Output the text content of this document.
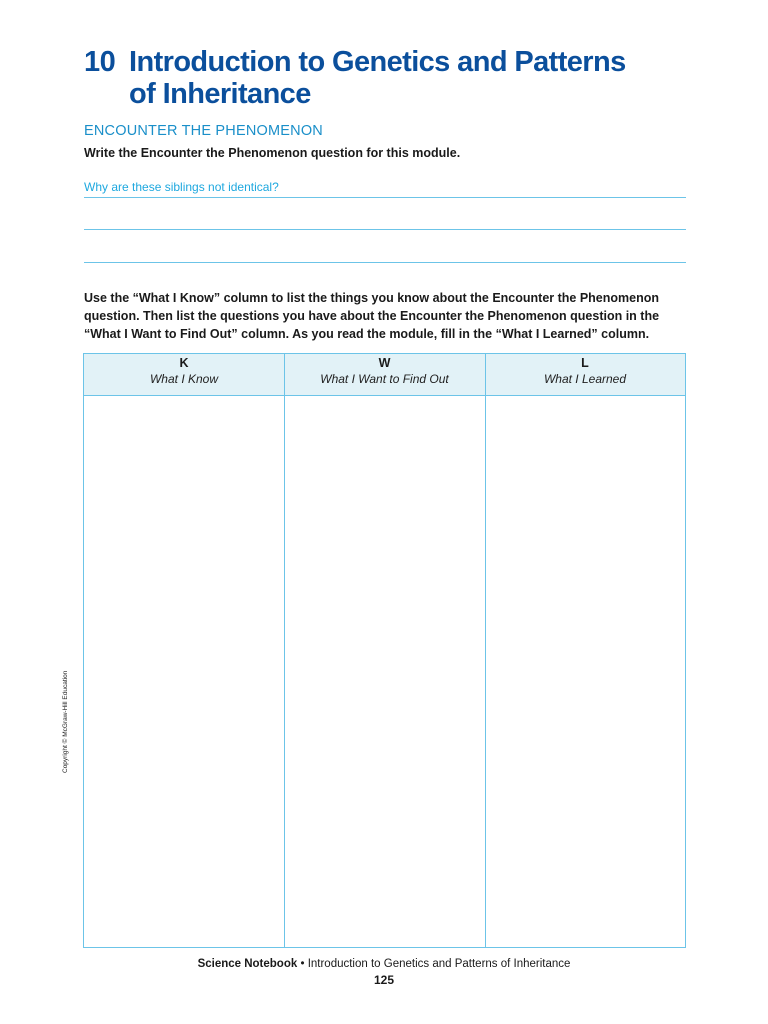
10 Introduction to Genetics and Patterns
of Inheritance
ENCOUNTER THE PHENOMENON
Write the Encounter the Phenomenon question for this module.
Why are these siblings not identical?
Use the “What I Know” column to list the things you know about the Encounter the Phenomenon question. Then list the questions you have about the Encounter the Phenomenon question in the “What I Want to Find Out” column. As you read the module, fill in the “What I Learned” column.
K
What I Know
W
What I Want to Find Out
L
What I Learned
Copyright © McGraw-Hill Education
Science Notebook • Introduction to Genetics and Patterns of Inheritance
125
